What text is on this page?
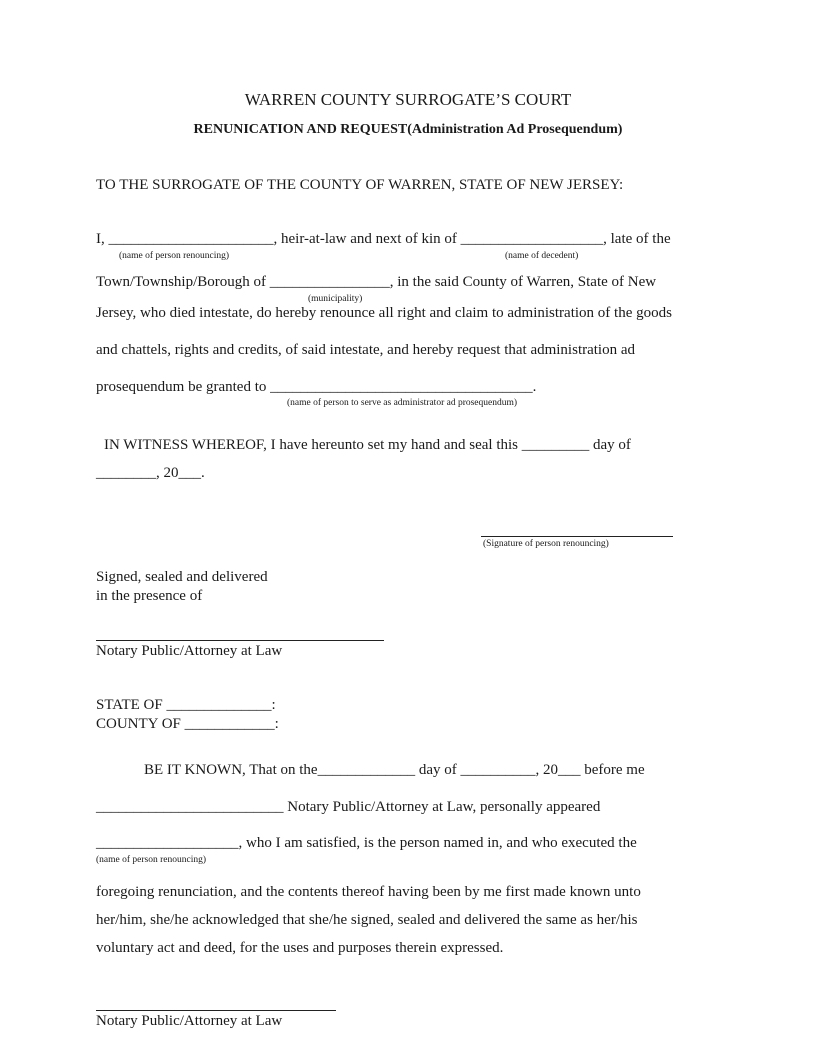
WARREN COUNTY SURROGATE’S COURT
RENUNICATION AND REQUEST(Administration Ad Prosequendum)
TO THE SURROGATE OF THE COUNTY OF WARREN, STATE OF NEW JERSEY:
I, ______________________, heir-at-law and next of kin of ___________________, late of the
(name of person renouncing)	(name of decedent)
Town/Township/Borough of ________________, in the said County of Warren, State of New
(municipality)
Jersey, who died intestate, do hereby renounce all right and claim to administration of the goods
and chattels, rights and credits, of said intestate, and hereby request that administration ad
prosequendum be granted to ___________________________________.
(name of person to serve as administrator ad prosequendum)
IN WITNESS WHEREOF, I have hereunto set my hand and seal this _________ day of
________, 20___.
(Signature of person renouncing)
Signed, sealed and delivered
in the presence of
Notary Public/Attorney at Law
STATE OF ______________:
COUNTY OF ____________:
BE IT KNOWN, That on the_____________ day of __________, 20___ before me
_________________________ Notary Public/Attorney at Law, personally appeared
___________________, who I am satisfied, is the person named in, and who executed the
(name of person renouncing)
foregoing renunciation, and the contents thereof having been by me first made known unto
her/him, she/he acknowledged that she/he signed, sealed and delivered the same as her/his
voluntary act and deed, for the uses and purposes therein expressed.
Notary Public/Attorney at Law
